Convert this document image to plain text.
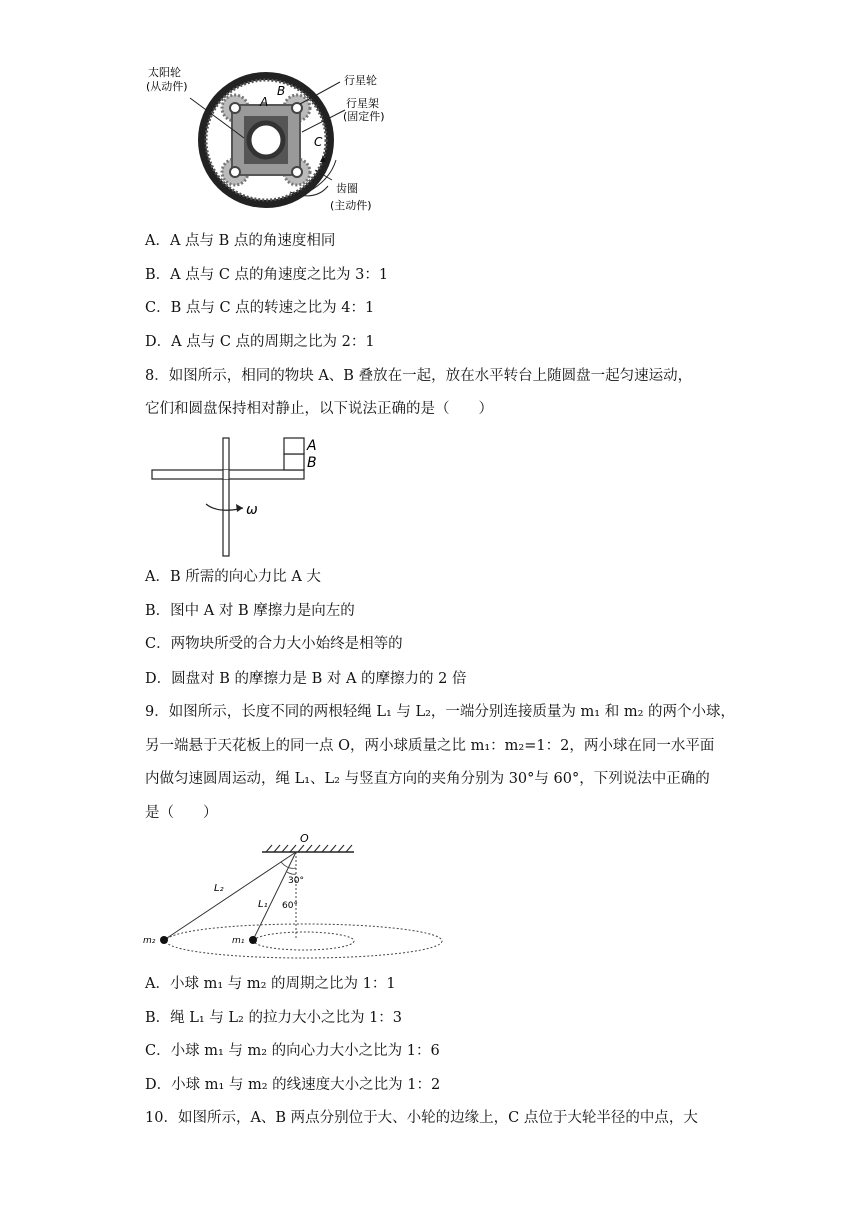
太阳轮
(从动件)	行星轮
行星架
(固定件)
齿圈
(主动件)
A
B
C
A．A 点与 B 点的角速度相同
B．A 点与 C 点的角速度之比为 3：1
C．B 点与 C 点的转速之比为 4：1
D．A 点与 C 点的周期之比为 2：1
8．如图所示，相同的物块 A、B 叠放在一起，放在水平转台上随圆盘一起匀速运动，
它们和圆盘保持相对静止，以下说法正确的是（　　）
A
B
ω
A．B 所需的向心力比 A 大
B．图中 A 对 B 摩擦力是向左的
C．两物块所受的合力大小始终是相等的
D．圆盘对 B 的摩擦力是 B 对 A 的摩擦力的 2 倍
9．如图所示，长度不同的两根轻绳 L₁ 与 L₂，一端分别连接质量为 m₁ 和 m₂ 的两个小球，
另一端悬于天花板上的同一点 O，两小球质量之比 m₁：m₂=1：2，两小球在同一水平面
内做匀速圆周运动，绳 L₁、L₂ 与竖直方向的夹角分别为 30°与 60°，下列说法中正确的
是（　　）
O
30°
60°
L₂
L₁
m₁
m₂
A．小球 m₁ 与 m₂ 的周期之比为 1：1
B．绳 L₁ 与 L₂ 的拉力大小之比为 1：3
C．小球 m₁ 与 m₂ 的向心力大小之比为 1：6
D．小球 m₁ 与 m₂ 的线速度大小之比为 1：2
10．如图所示，A、B 两点分别位于大、小轮的边缘上，C 点位于大轮半径的中点，大
